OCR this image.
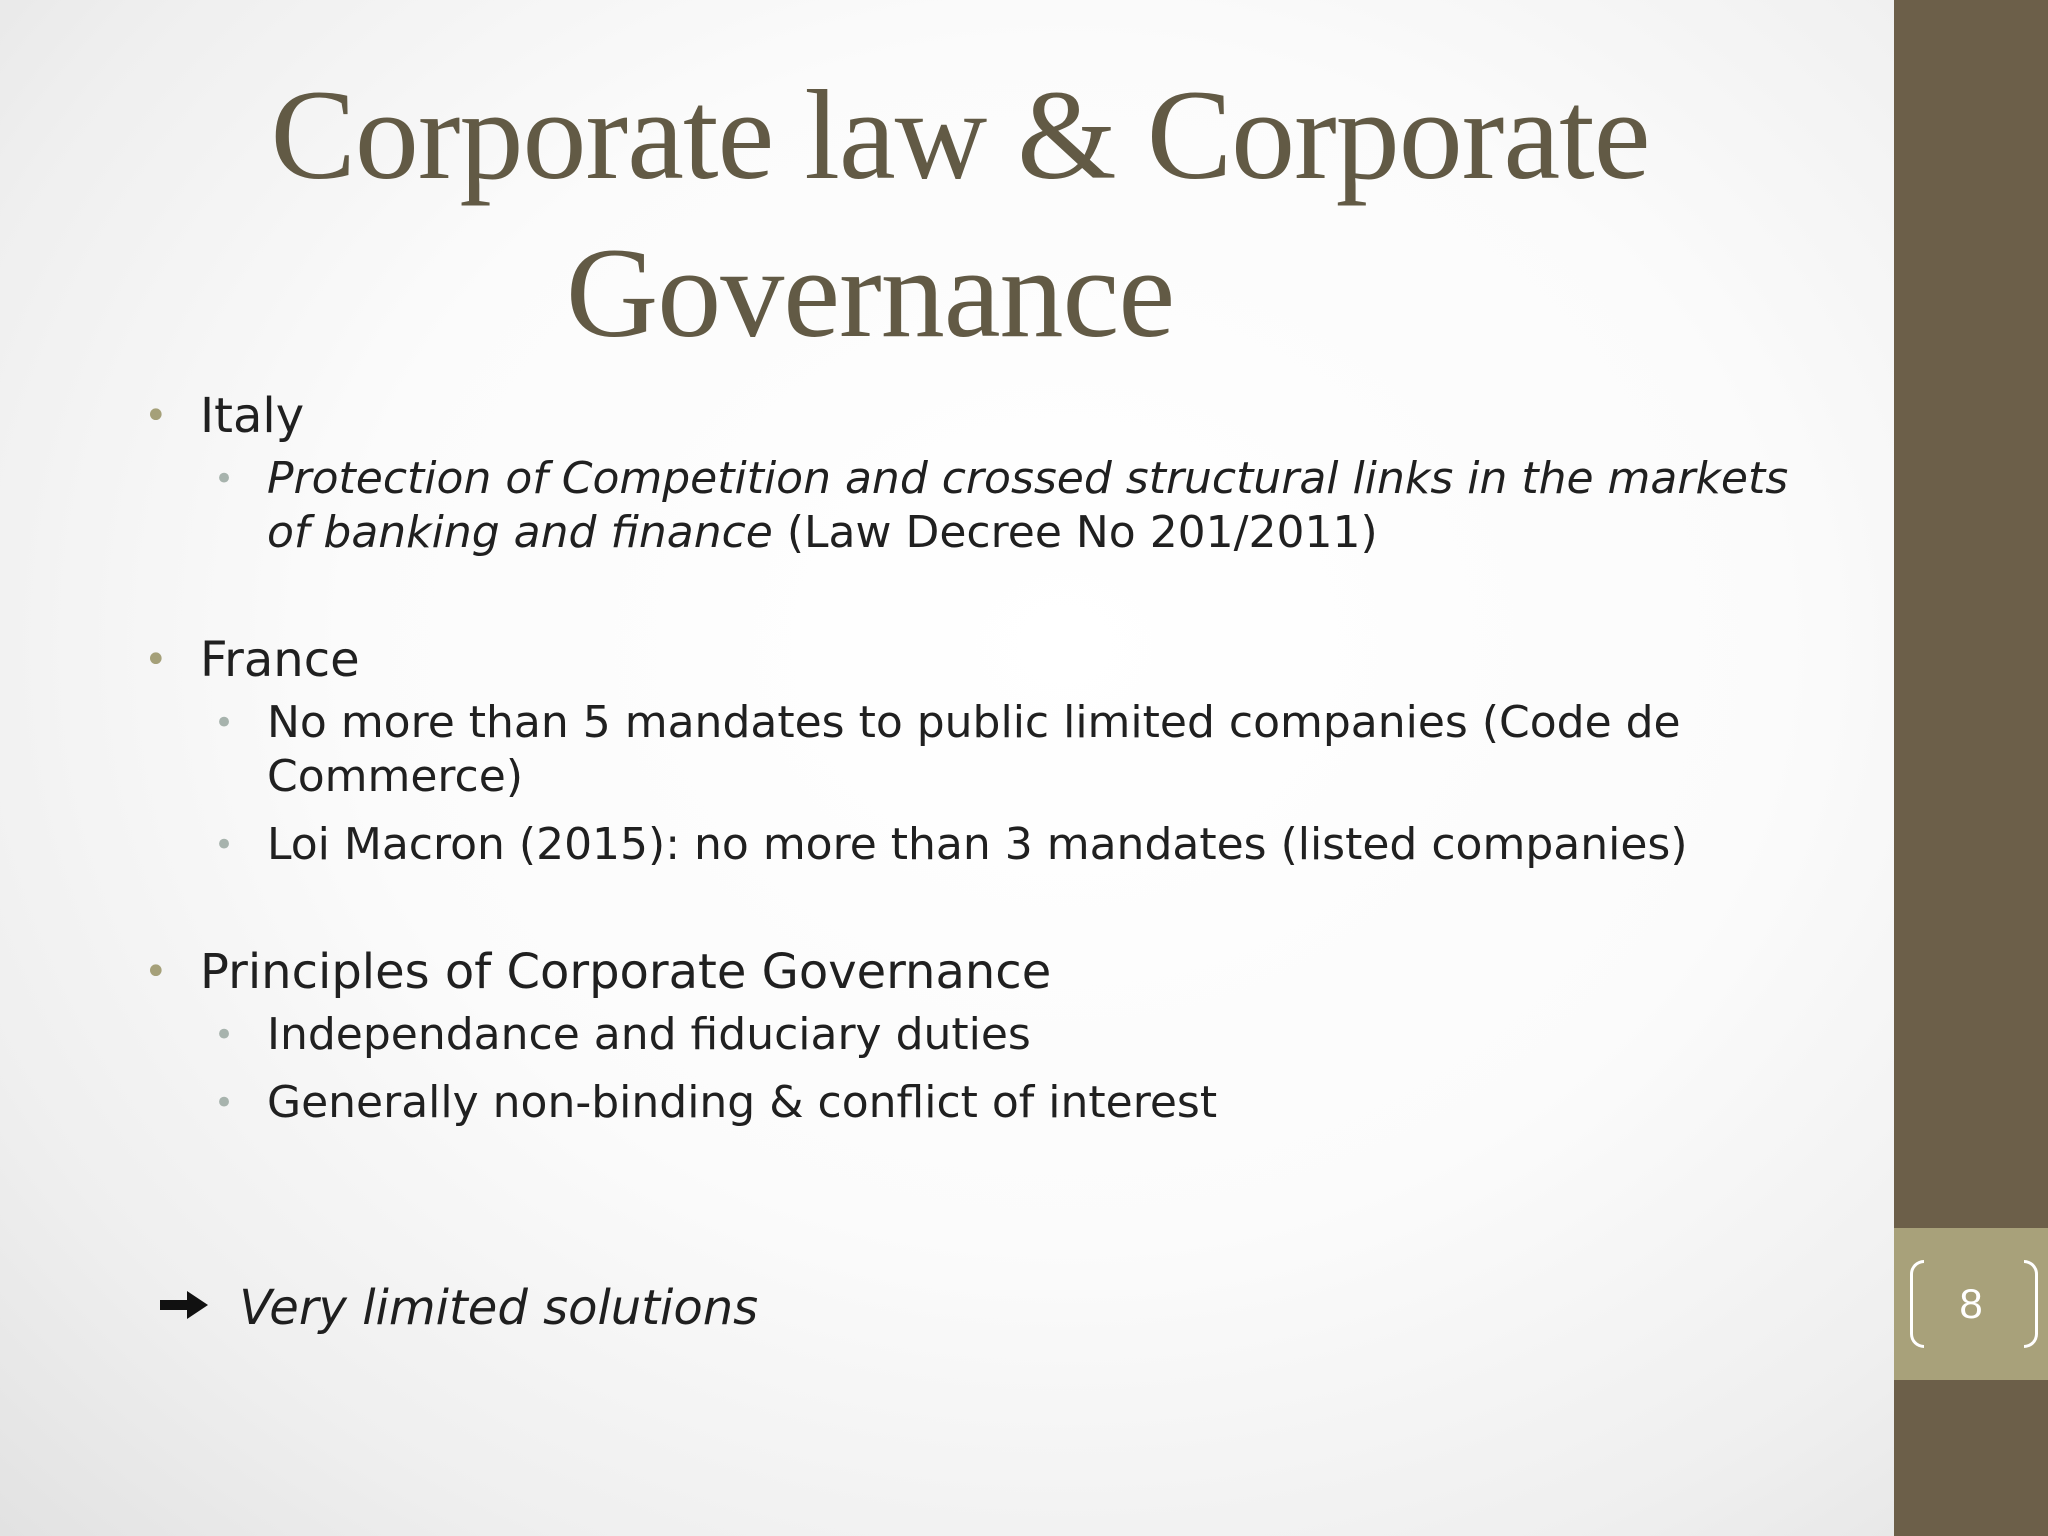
8
Corporate law & Corporate
Governance
• Italy
• Protection of Competition and crossed structural links in the markets of banking and finance (Law Decree No 201/2011)
• France
• No more than 5 mandates to public limited companies (Code de Commerce)
• Loi Macron (2015): no more than 3 mandates (listed companies)
• Principles of Corporate Governance
• Independance and fiduciary duties
• Generally non-binding & conflict of interest
Very limited solutions
